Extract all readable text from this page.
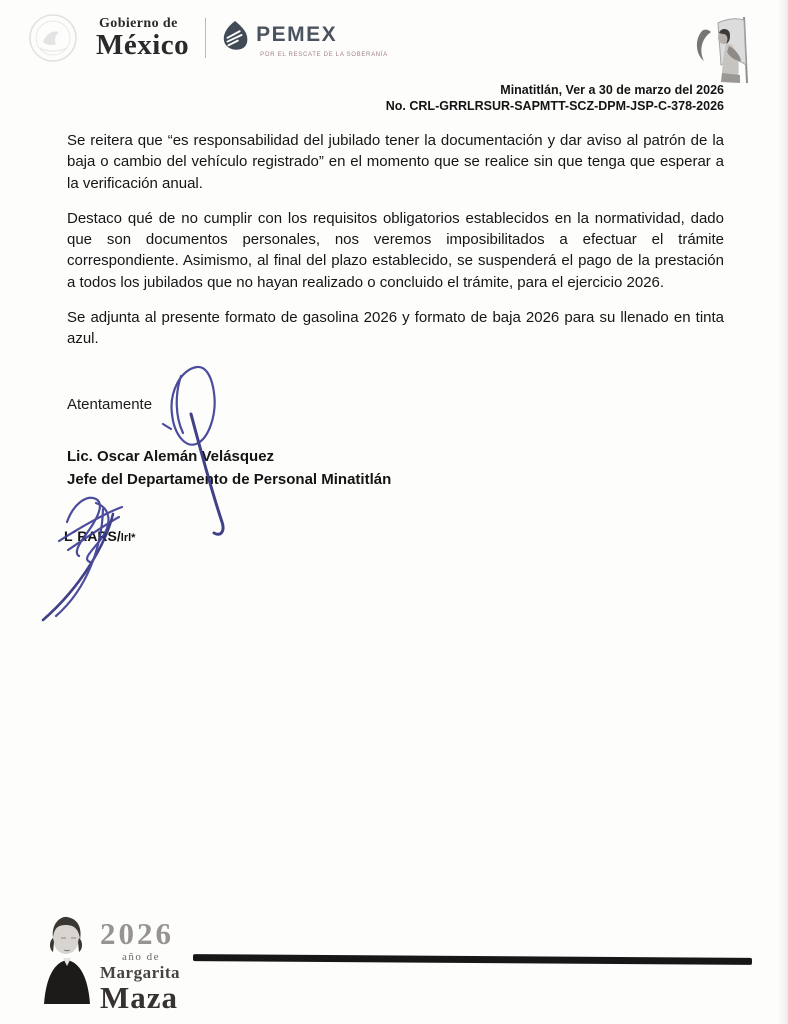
Gobierno de
México	PEMEX
POR EL RESCATE DE LA SOBERANÍA
Minatitlán, Ver a 30 de marzo del 2026
No. CRL-GRRLRSUR-SAPMTT-SCZ-DPM-JSP-C-378-2026

Se reitera que “es responsabilidad del jubilado tener la documentación y dar aviso al patrón de la baja o cambio del vehículo registrado” en el momento que se realice sin que tenga que esperar a la verificación anual.

Destaco qué de no cumplir con los requisitos obligatorios establecidos en la normatividad, dado que son documentos personales, nos veremos imposibilitados a efectuar el trámite correspondiente. Asimismo, al final del plazo establecido, se suspenderá el pago de la prestación a todos los jubilados que no hayan realizado o concluido el trámite, para el ejercicio 2026.

Se adjunta al presente formato de gasolina 2026 y formato de baja 2026 para su llenado en tinta azul.

Atentamente
Lic. Oscar Alemán Velásquez
Jefe del Departamento de Personal Minatitlán
L´RARS/lrl*
2026
año de
Margarita
Maza
